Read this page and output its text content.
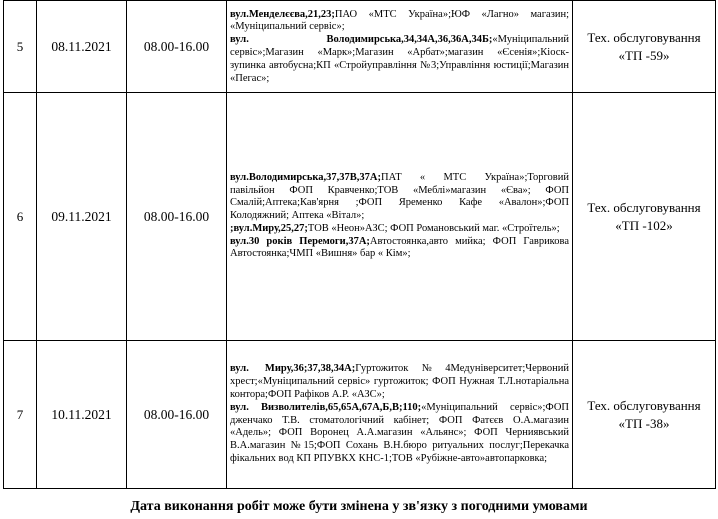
5	08.11.2021	08.00-16.00	вул.Менделєєва,21,23;ПАО «МТС Україна»;ЮФ «Лагно» магазин; «Муніципальний сервіс»;
вул. Володимирська,34,34А,36,36А,34Б;«Муніципальний сервіс»;Магазин «Марк»;Магазин «Арбат»;магазин «Єсенія»;Кіоск-зупинка автобусна;КП «Стройуправління №3;Управління юстиції;Магазин «Пегас»;	Тех. обслуговування «ТП -59»
6	09.11.2021	08.00-16.00	вул.Володимирська,37,37В,37А;ПАТ « МТС Україна»;Торговий павільйон ФОП Кравченко;ТОВ «Меблі»магазин «Єва»; ФОП Смалій;Аптека;Кав'ярня ;ФОП Яременко Кафе «Авалон»;ФОП Колодяжний; Аптека «Вітал»;
;вул.Миру,25,27;ТОВ «Неон»АЗС; ФОП Романовський маг. «Строїтель»;
вул.30 років Перемоги,37А;Автостоянка,авто мийка; ФОП Гаврикова Автостоянка;ЧМП «Вишня» бар « Кім»;	Тех. обслуговування «ТП -102»
7	10.11.2021	08.00-16.00	вул. Миру,36;37,38,34А;Гуртожиток№4Медуніверситет;Червоний хрест;«Муніципальний сервіс» гуртожиток; ФОП Нужная Т.Л.нотаріальна контора;ФОП Рафіков А.Р. «АЗС»;
вул. Визволителів,65,65А,67А,Б,В;110;«Муніципальний сервіс»;ФОП дженчако Т.В. стоматологічний кабінет; ФОП Фатєєв О.А.магазин «Адель»; ФОП Воронец А.А.магазин «Альянс»; ФОП Черниявський В.А.магазин №15;ФОП Сохань В.Н.бюро ритуальних послуг;Перекачка фікальних вод КП РПУВКХ КНС-1;ТОВ «Рубіжне-авто»автопарковка;	Тех. обслуговування «ТП -38»
Дата виконання робіт може бути змінена у зв'язку з погодними умовами
